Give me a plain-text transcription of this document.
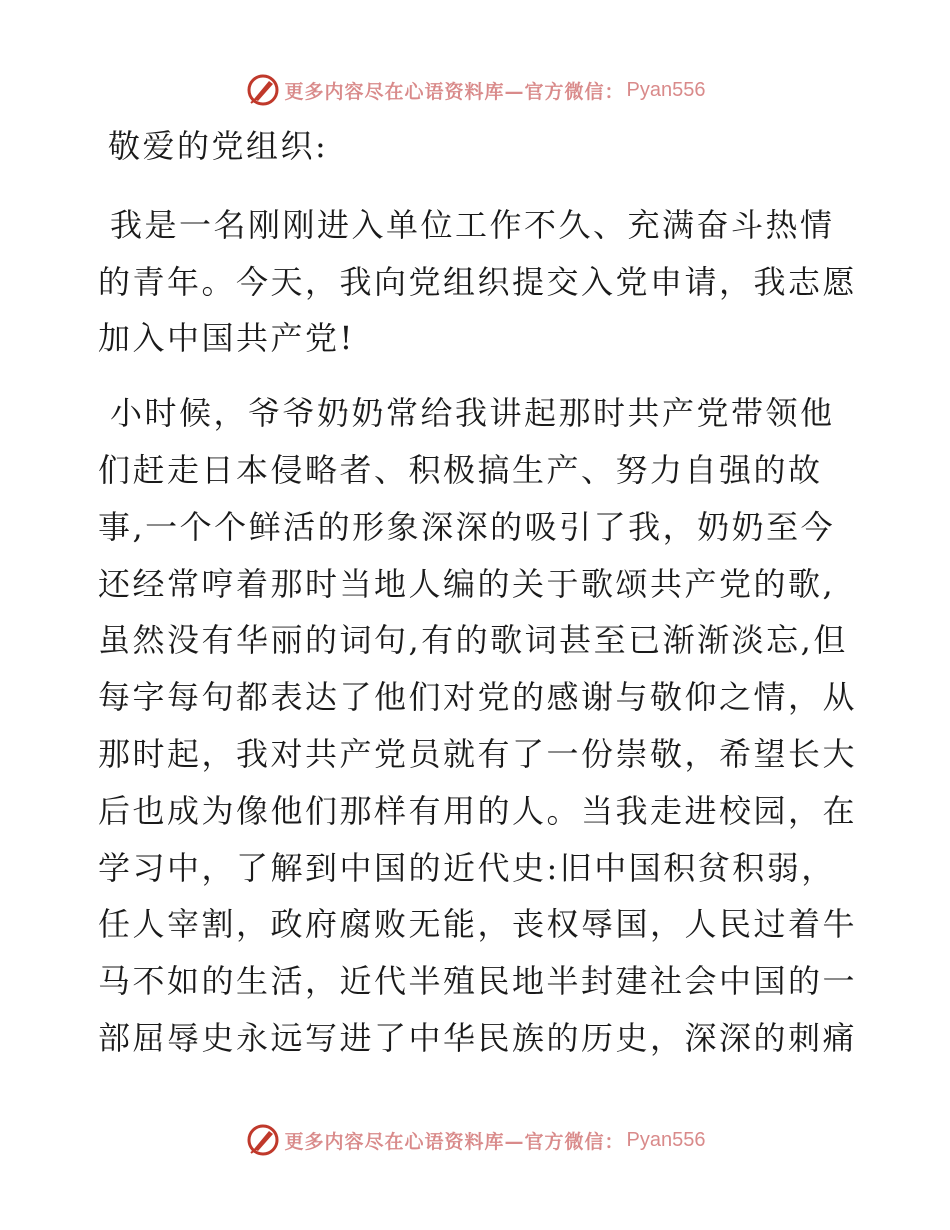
更多内容尽在心语资料库—官方微信： Pyan556

敬爱的党组织:

我是一名刚刚进入单位工作不久、充满奋斗热情的青年。今天，我向党组织提交入党申请，我志愿加入中国共产党!

小时候，爷爷奶奶常给我讲起那时共产党带领他们赶走日本侵略者、积极搞生产、努力自强的故事,一个个鲜活的形象深深的吸引了我，奶奶至今还经常哼着那时当地人编的关于歌颂共产党的歌,虽然没有华丽的词句,有的歌词甚至已渐渐淡忘,但每字每句都表达了他们对党的感谢与敬仰之情，从那时起，我对共产党员就有了一份崇敬，希望长大后也成为像他们那样有用的人。当我走进校园，在学习中，了解到中国的近代史:旧中国积贫积弱，任人宰割，政府腐败无能，丧权辱国，人民过着牛马不如的生活，近代半殖民地半封建社会中国的一部屈辱史永远写进了中华民族的历史，深深的刺痛

更多内容尽在心语资料库—官方微信： Pyan556
